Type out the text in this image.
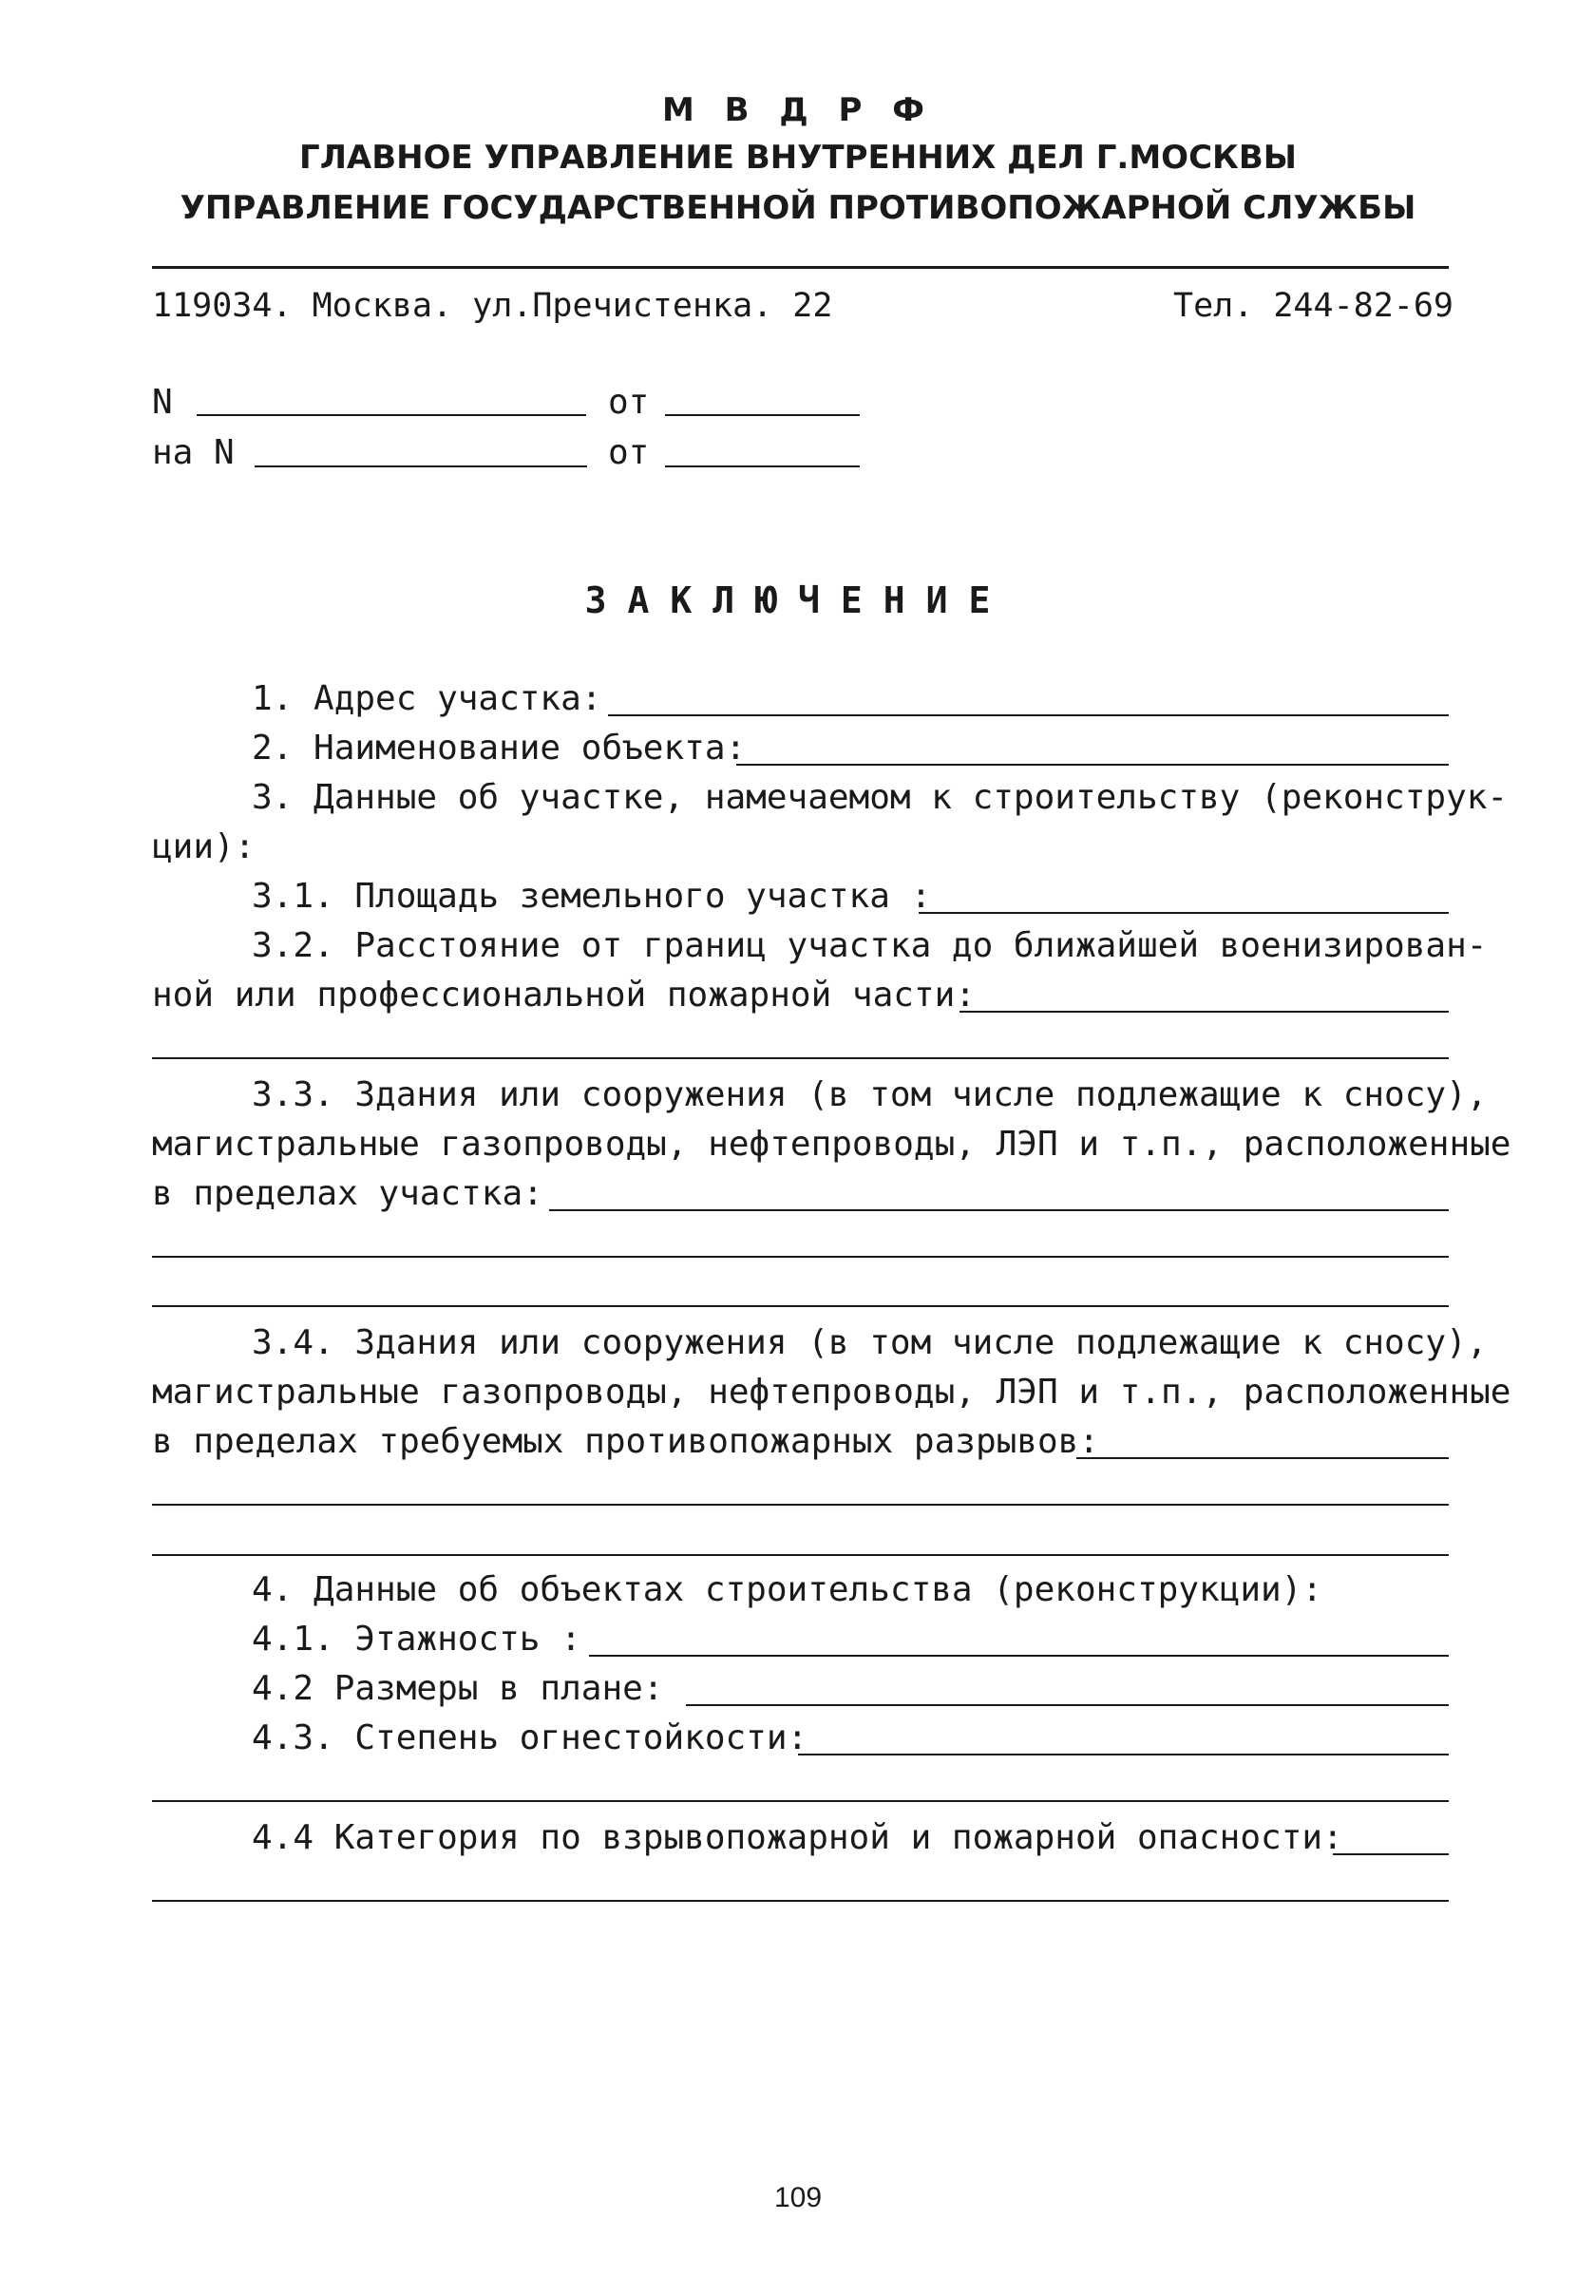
М В Д Р Ф
ГЛАВНОЕ УПРАВЛЕНИЕ ВНУТРЕННИХ ДЕЛ Г.МОСКВЫ
УПРАВЛЕНИЕ ГОСУДАРСТВЕННОЙ ПРОТИВОПОЖАРНОЙ СЛУЖБЫ
119034. Москва. ул.Пречистенка. 22	Тел. 244-82-69
N	от
на N	от
ЗАКЛЮЧЕНИЕ
1. Адрес участка:
2. Наименование объекта:
3. Данные об участке, намечаемом к строительству (реконструк-
ции):
3.1. Площадь земельного участка :
3.2. Расстояние от границ участка до ближайшей военизирован-
ной или профессиональной пожарной части:
3.3. Здания или сооружения (в том числе подлежащие к сносу),
магистральные газопроводы, нефтепроводы, ЛЭП и т.п., расположенные
в пределах участка:
3.4. Здания или сооружения (в том числе подлежащие к сносу),
магистральные газопроводы, нефтепроводы, ЛЭП и т.п., расположенные
в пределах требуемых противопожарных разрывов:
4. Данные об объектах строительства (реконструкции):
4.1. Этажность :
4.2 Размеры в плане:
4.3. Степень огнестойкости:
4.4 Категория по взрывопожарной и пожарной опасности:
109
